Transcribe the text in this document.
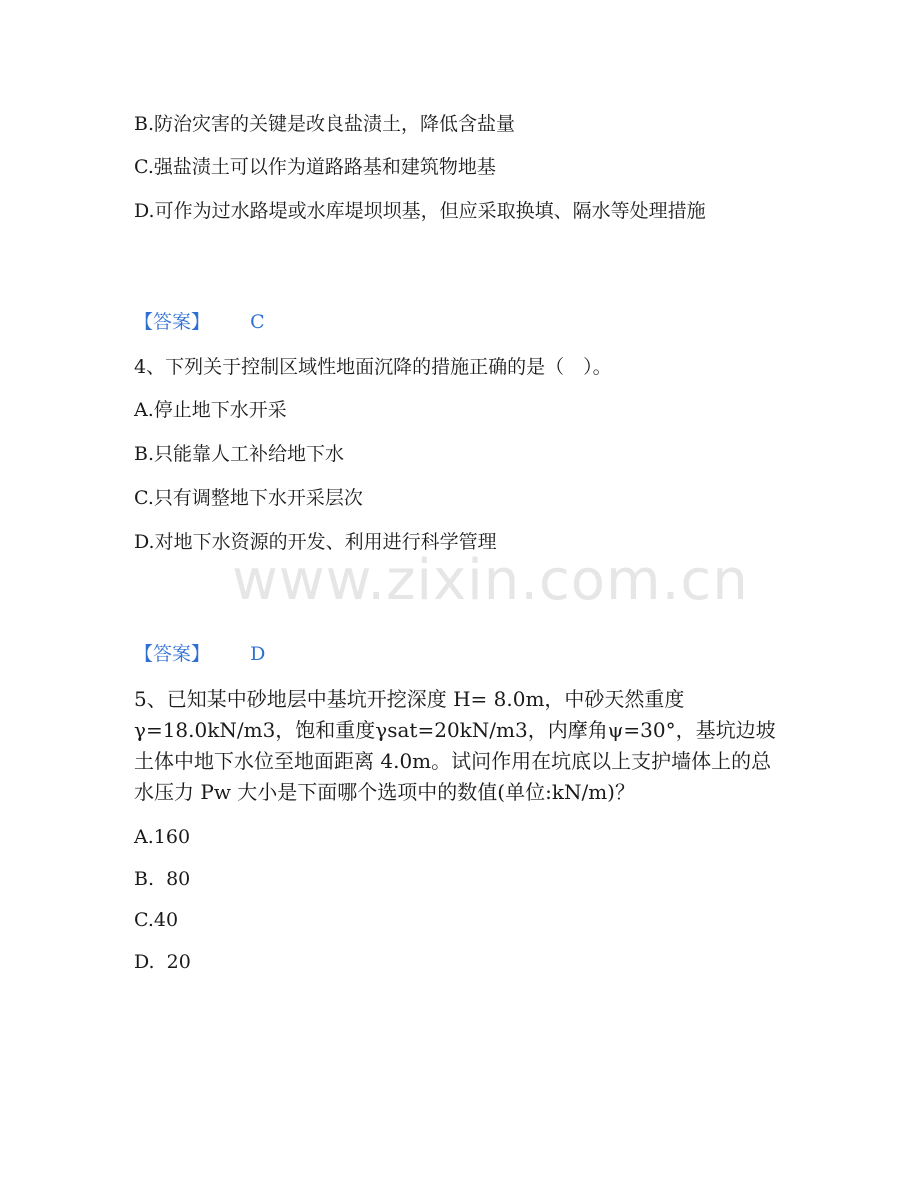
www.zixin.com.cn
B.防治灾害的关键是改良盐渍土，降低含盐量
C.强盐渍土可以作为道路路基和建筑物地基
D.可作为过水路堤或水库堤坝坝基，但应采取换填、隔水等处理措施
【答案】 C
4、下列关于控制区域性地面沉降的措施正确的是（　）。
A.停止地下水开采
B.只能靠人工补给地下水
C.只有调整地下水开采层次
D.对地下水资源的开发、利用进行科学管理
【答案】 D
5、已知某中砂地层中基坑开挖深度 H= 8.0m，中砂天然重度γ=18.0kN/m3，饱和重度γsat=20kN/m3，内摩角ψ=30°，基坑边坡土体中地下水位至地面距离 4.0m。试问作用在坑底以上支护墙体上的总水压力 Pw 大小是下面哪个选项中的数值(单位:kN/m)？
A.160
B.  80
C.40
D.  20
